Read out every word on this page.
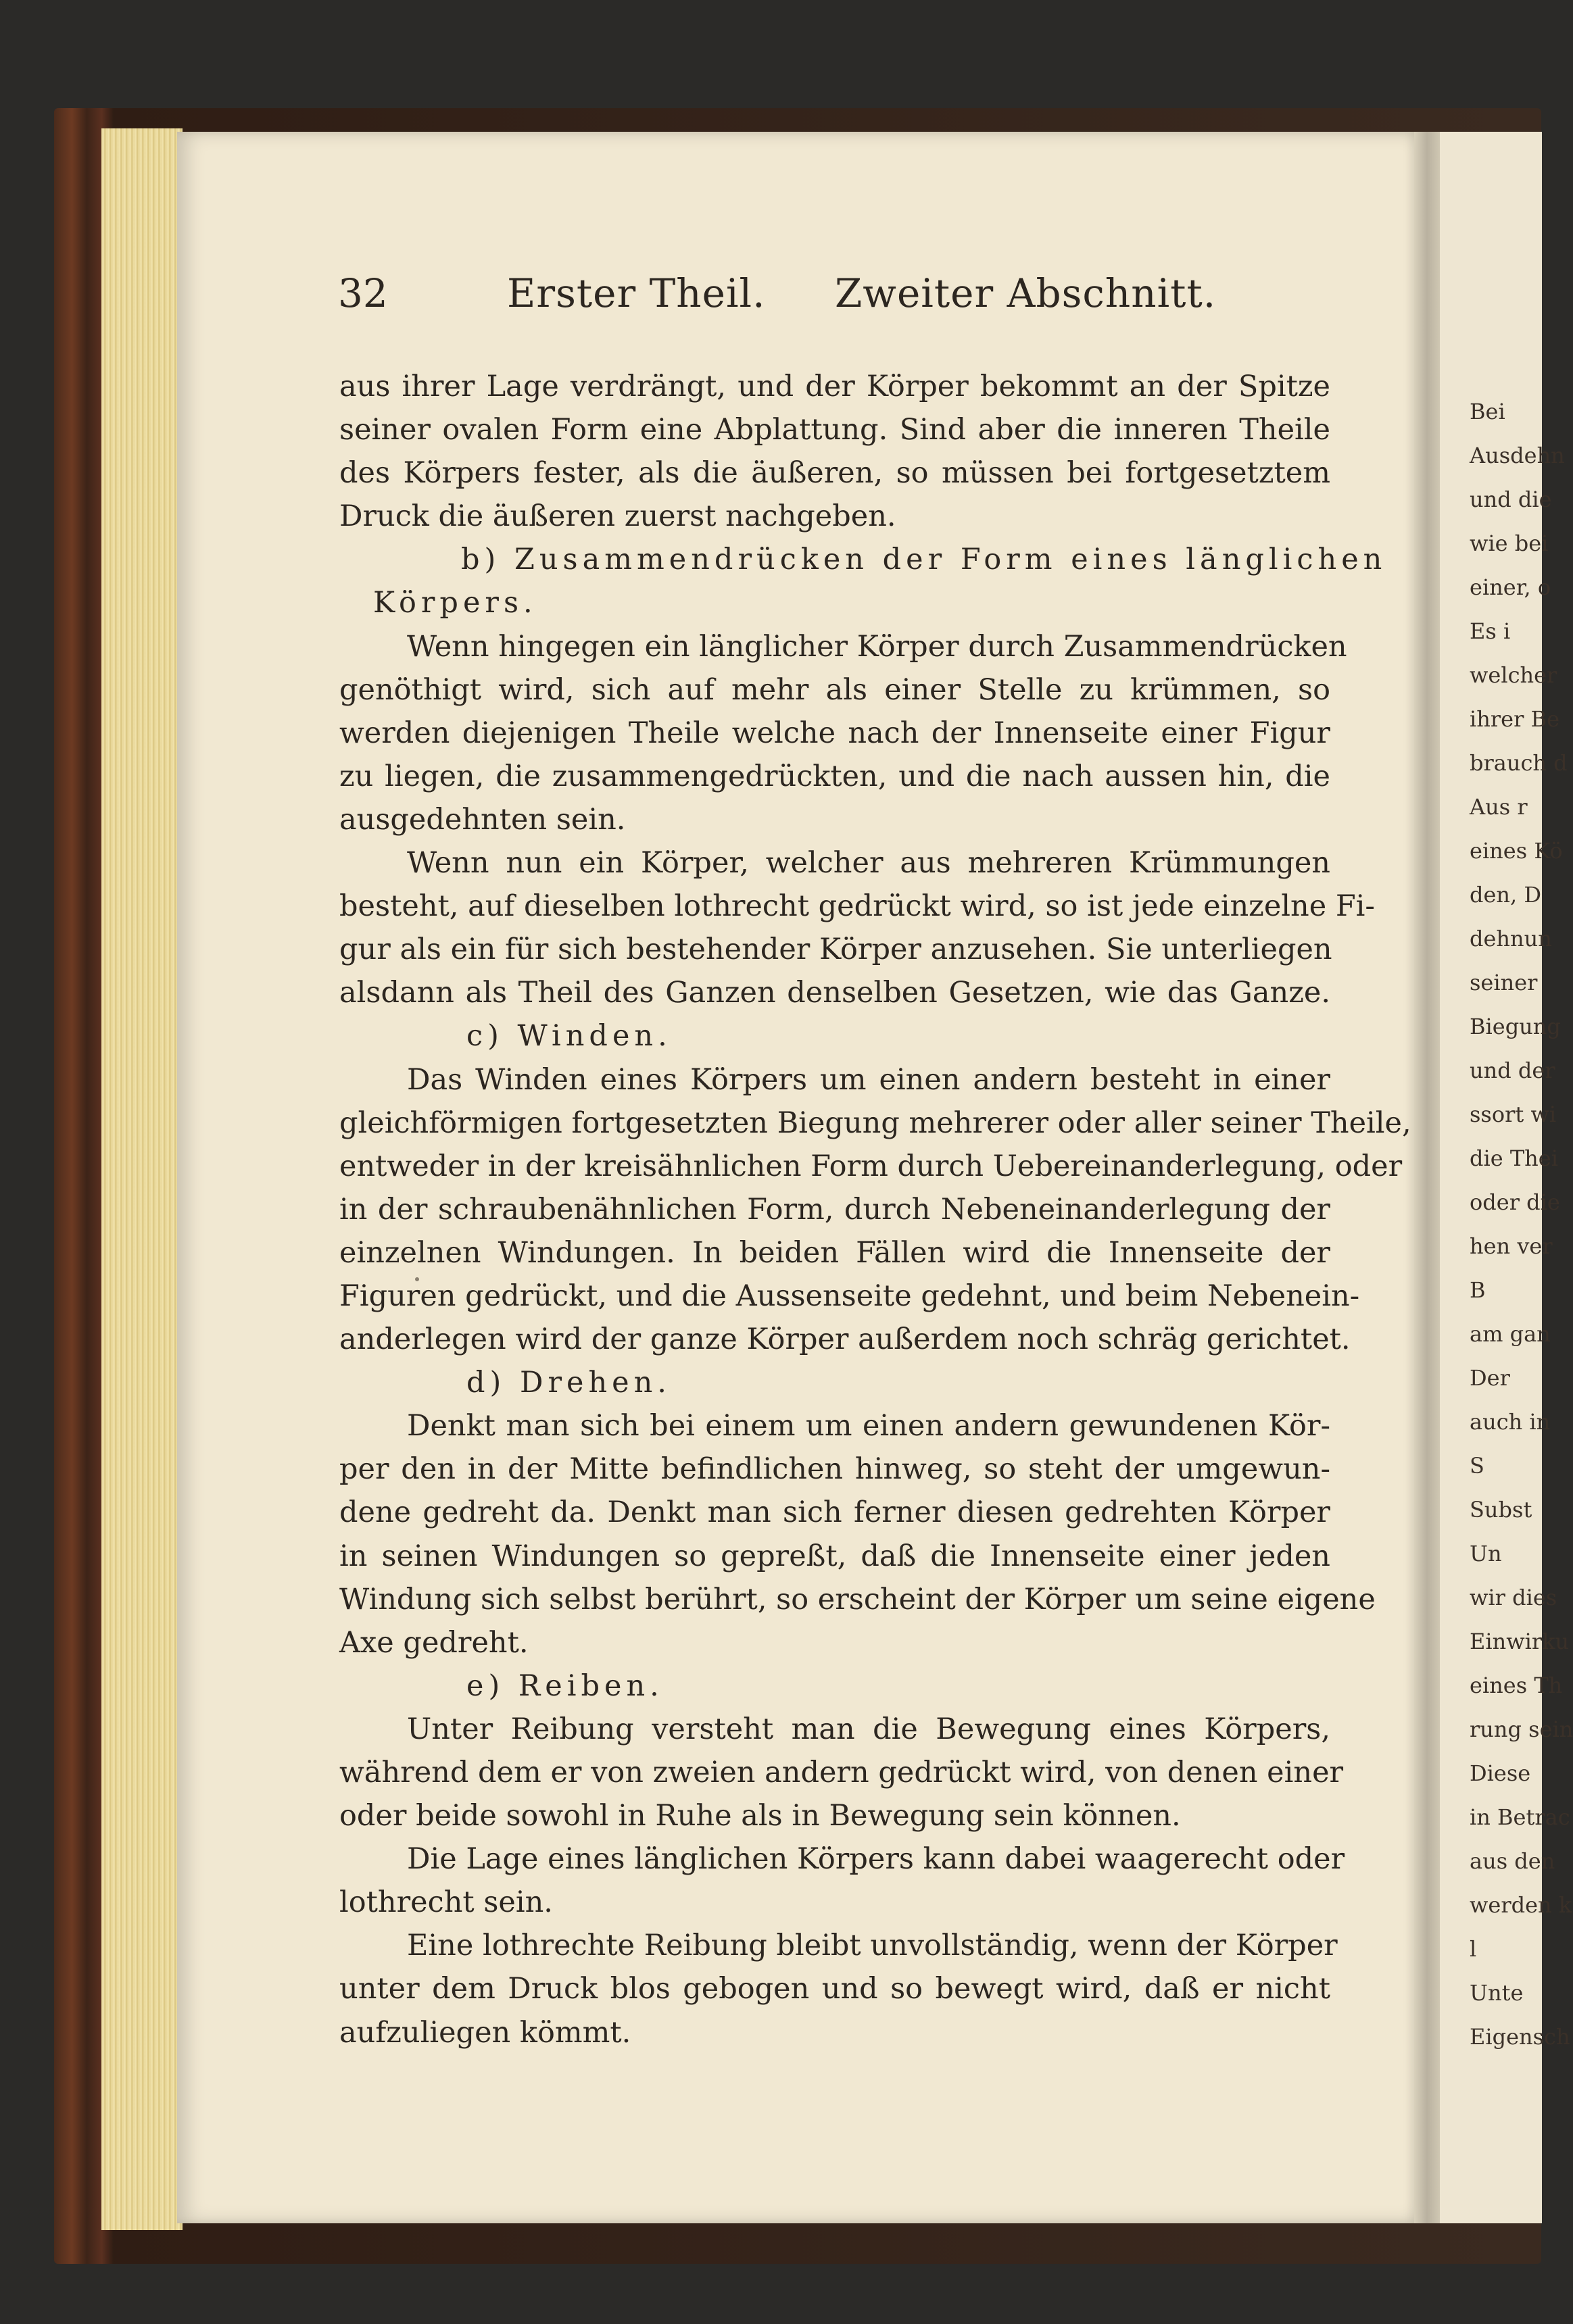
Bei
Ausdehn
und die
wie bei
einer, o
Es i
welcher
ihrer Be
brauch d
Aus r
eines Kö
den, D
dehnun
seiner
Biegung
und der
ssort wi
die Thei
oder die
hen ver
B
am gan
Der
auch in
S
Subst
Un
wir dies
Einwirku
eines Th
rung sein
Diese
in Betrac
aus den
werden k
l
Unte
Eigensch
32	Erster Theil. Zweiter Abschnitt.
aus ihrer Lage verdrängt, und der Körper bekommt an der Spitze
seiner ovalen Form eine Abplattung. Sind aber die inneren Theile
des Körpers fester, als die äußeren, so müssen bei fortgesetztem
Druck die äußeren zuerst nachgeben.
b) Zusammendrücken der Form eines länglichen
Körpers.
Wenn hingegen ein länglicher Körper durch Zusammendrücken
genöthigt wird, sich auf mehr als einer Stelle zu krümmen, so
werden diejenigen Theile welche nach der Innenseite einer Figur
zu liegen, die zusammengedrückten, und die nach aussen hin, die
ausgedehnten sein.
Wenn nun ein Körper, welcher aus mehreren Krümmungen
besteht, auf dieselben lothrecht gedrückt wird, so ist jede einzelne Fi-
gur als ein für sich bestehender Körper anzusehen. Sie unterliegen
alsdann als Theil des Ganzen denselben Gesetzen, wie das Ganze.
c) Winden.
Das Winden eines Körpers um einen andern besteht in einer
gleichförmigen fortgesetzten Biegung mehrerer oder aller seiner Theile,
entweder in der kreisähnlichen Form durch Uebereinanderlegung, oder
in der schraubenähnlichen Form, durch Nebeneinanderlegung der
einzelnen Windungen. In beiden Fällen wird die Innenseite der
Figuren gedrückt, und die Aussenseite gedehnt, und beim Nebenein-
anderlegen wird der ganze Körper außerdem noch schräg gerichtet.
d) Drehen.
Denkt man sich bei einem um einen andern gewundenen Kör-
per den in der Mitte befindlichen hinweg, so steht der umgewun-
dene gedreht da. Denkt man sich ferner diesen gedrehten Körper
in seinen Windungen so gepreßt, daß die Innenseite einer jeden
Windung sich selbst berührt, so erscheint der Körper um seine eigene
Axe gedreht.
e) Reiben.
Unter Reibung versteht man die Bewegung eines Körpers,
während dem er von zweien andern gedrückt wird, von denen einer
oder beide sowohl in Ruhe als in Bewegung sein können.
Die Lage eines länglichen Körpers kann dabei waagerecht oder
lothrecht sein.
Eine lothrechte Reibung bleibt unvollständig, wenn der Körper
unter dem Druck blos gebogen und so bewegt wird, daß er nicht
aufzuliegen kömmt.
